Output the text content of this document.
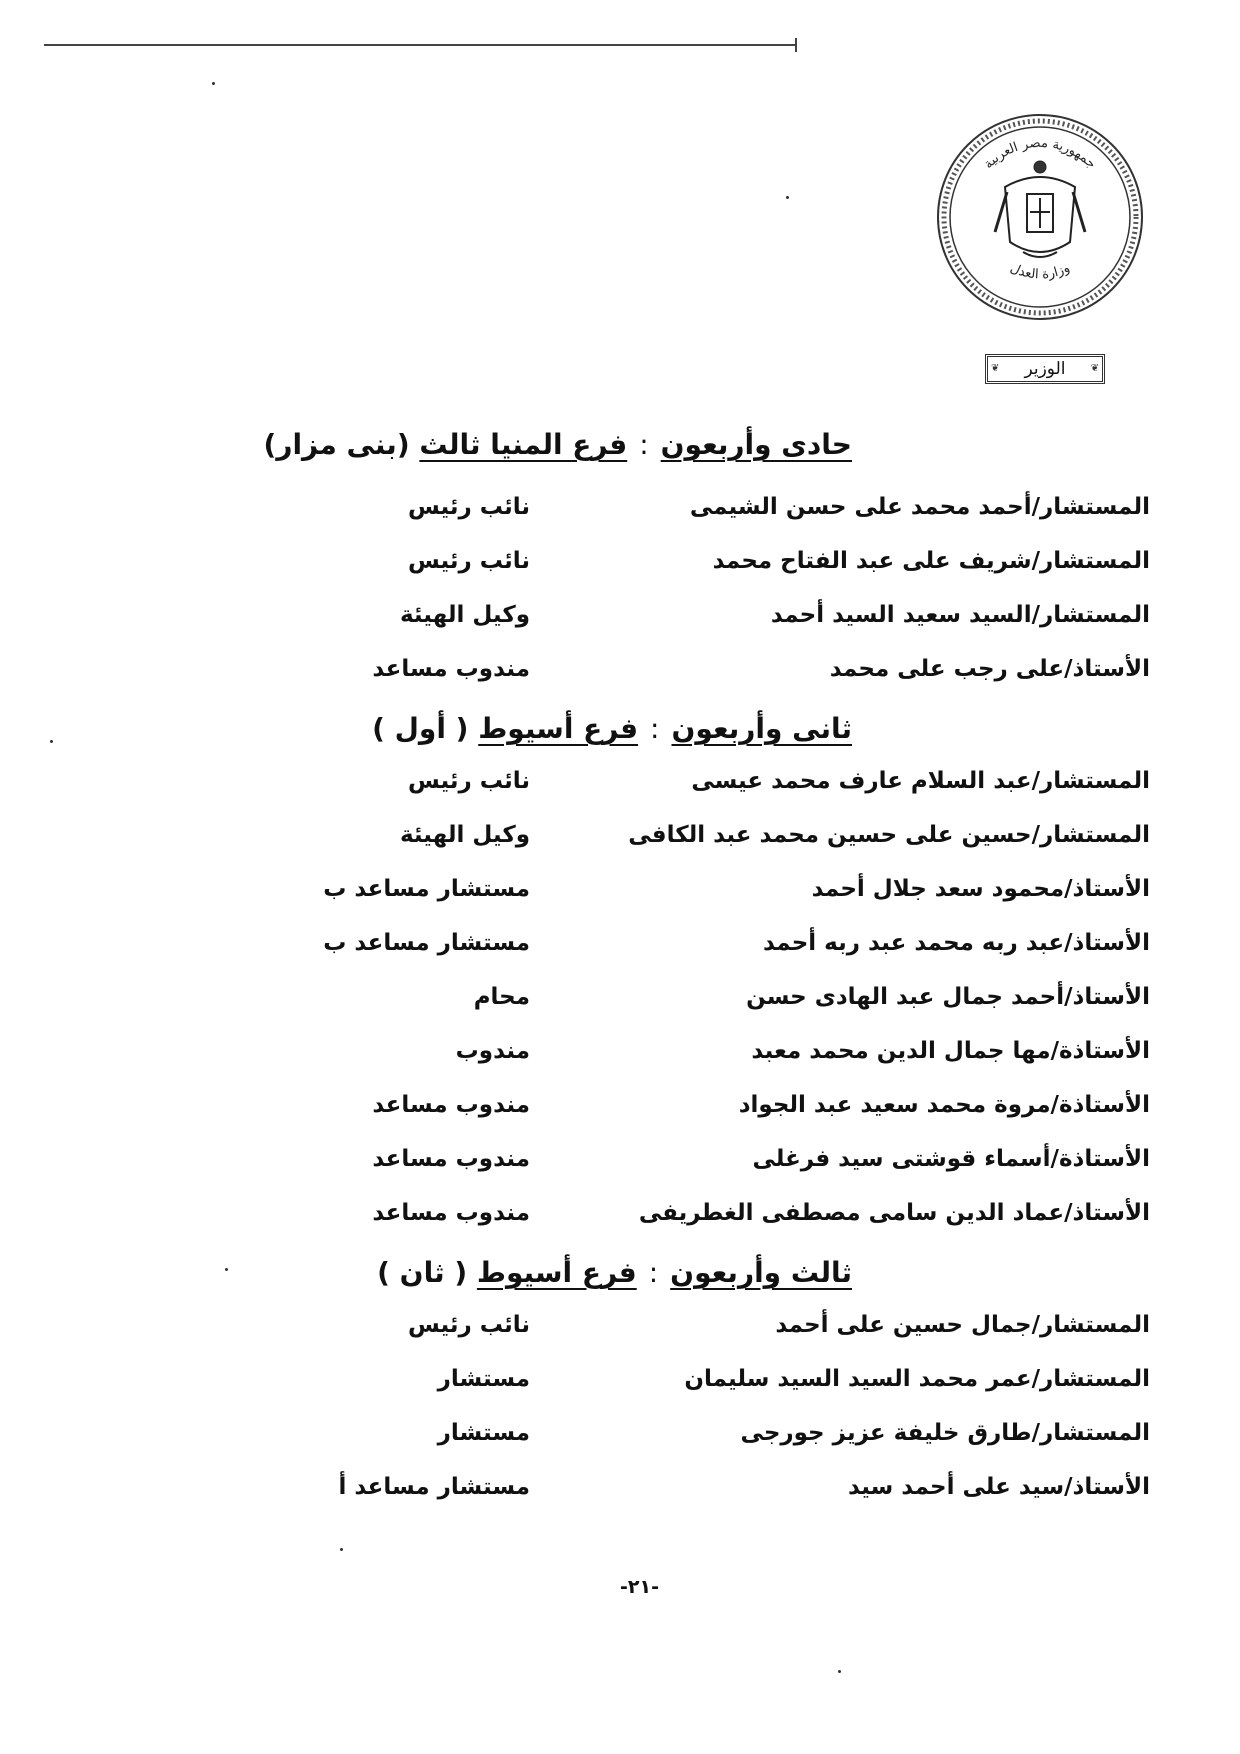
جمهورية مصر العربية
وزارة العدل
❦ الوزير	❦
حادى وأربعون:فرع المنيا ثالث (بنى مزار)
المستشار/أحمد محمد على حسن الشيمى
نائب رئيس
المستشار/شريف على عبد الفتاح محمد
نائب رئيس
المستشار/السيد سعيد السيد أحمد
وكيل الهيئة
الأستاذ/على رجب على محمد
مندوب مساعد
ثانى وأربعون:فرع أسيوط ( أول )
المستشار/عبد السلام عارف محمد عيسى
نائب رئيس
المستشار/حسين على حسين محمد عبد الكافى
وكيل الهيئة
الأستاذ/محمود سعد جلال أحمد
مستشار مساعد ب
الأستاذ/عبد ربه محمد عبد ربه أحمد
مستشار مساعد ب
الأستاذ/أحمد جمال عبد الهادى حسن
محام
الأستاذة/مها جمال الدين محمد معبد
مندوب
الأستاذة/مروة محمد سعيد عبد الجواد
مندوب مساعد
الأستاذة/أسماء قوشتى سيد فرغلى
مندوب مساعد
الأستاذ/عماد الدين سامى مصطفى الغطريفى
مندوب مساعد
ثالث وأربعون:فرع أسيوط ( ثان )
المستشار/جمال حسين على أحمد
نائب رئيس
المستشار/عمر محمد السيد السيد سليمان
مستشار
المستشار/طارق خليفة عزيز جورجى
مستشار
الأستاذ/سيد على أحمد سيد
مستشار مساعد أ
-٢١-
